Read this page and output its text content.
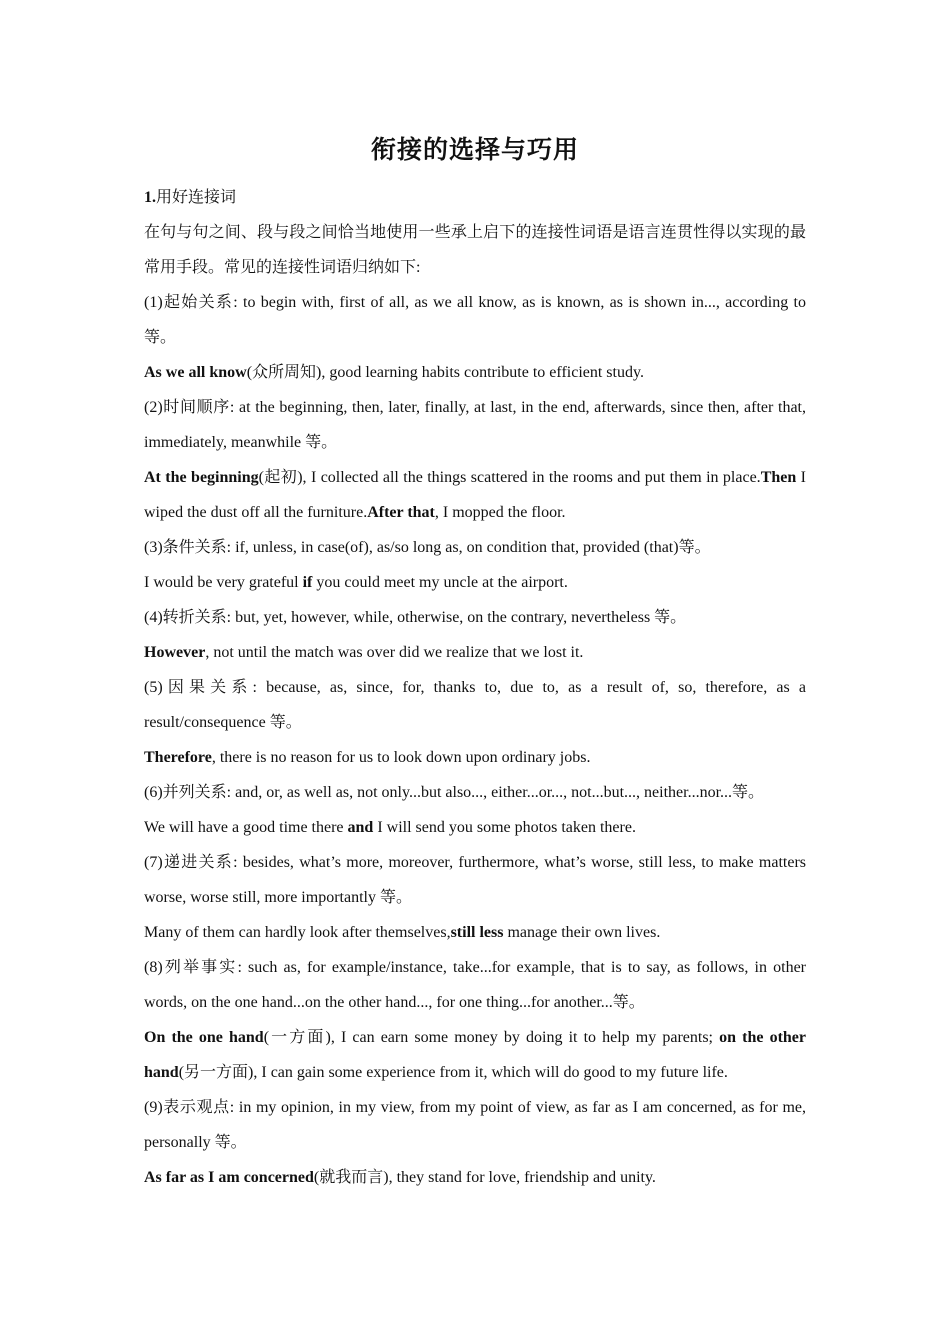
衔接的选择与巧用

1.用好连接词

在句与句之间、段与段之间恰当地使用一些承上启下的连接性词语是语言连贯性得以实现的最常用手段。常见的连接性词语归纳如下:

(1)起始关系: to begin with, first of all, as we all know, as is known, as is shown in..., according to 等。

As we all know(众所周知), good learning habits contribute to efficient study.

(2)时间顺序: at the beginning, then, later, finally, at last, in the end, afterwards, since then, after that, immediately, meanwhile 等。

At the beginning(起初), I collected all the things scattered in the rooms and put them in place.Then I wiped the dust off all the furniture.After that, I mopped the floor.

(3)条件关系: if, unless, in case(of), as/so long as, on condition that, provided (that)等。

I would be very grateful if you could meet my uncle at the airport.

(4)转折关系: but, yet, however, while, otherwise, on the contrary, nevertheless 等。

However, not until the match was over did we realize that we lost it.

(5)因果关系: because, as, since, for, thanks to, due to, as a result of, so, therefore, as a result/consequence 等。

Therefore, there is no reason for us to look down upon ordinary jobs.

(6)并列关系: and, or, as well as, not only...but also..., either...or..., not...but..., neither...nor...等。

We will have a good time there and I will send you some photos taken there.

(7)递进关系: besides, what’s more, moreover, furthermore, what’s worse, still less, to make matters worse, worse still, more importantly 等。

Many of them can hardly look after themselves,still less manage their own lives.

(8)列举事实: such as, for example/instance, take...for example, that is to say, as follows, in other words, on the one hand...on the other hand..., for one thing...for another...等。

On the one hand(一方面), I can earn some money by doing it to help my parents; on the other hand(另一方面), I can gain some experience from it, which will do good to my future life.

(9)表示观点: in my opinion, in my view, from my point of view, as far as I am concerned, as for me, personally 等。

As far as I am concerned(就我而言), they stand for love, friendship and unity.
